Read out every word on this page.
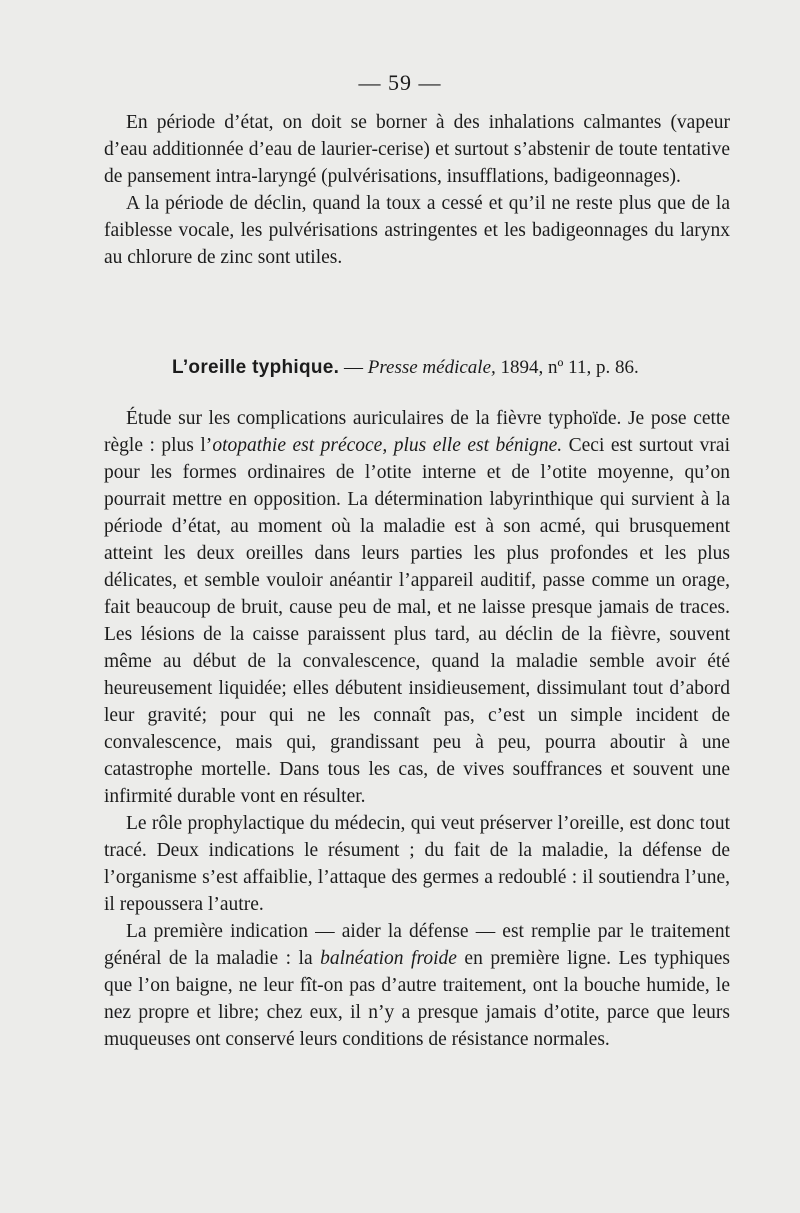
— 59 —

En période d’état, on doit se borner à des inhalations calmantes (vapeur d’eau additionnée d’eau de laurier-cerise) et surtout s’abstenir de toute tentative de pansement intra-laryngé (pulvérisations, insufflations, badigeonnages).

A la période de déclin, quand la toux a cessé et qu’il ne reste plus que de la faiblesse vocale, les pulvérisations astringentes et les badigeonnages du larynx au chlorure de zinc sont utiles.

L’oreille typhique. — Presse médicale, 1894, nº 11, p. 86.

Étude sur les complications auriculaires de la fièvre typhoïde. Je pose cette règle : plus l’otopathie est précoce, plus elle est bénigne. Ceci est surtout vrai pour les formes ordinaires de l’otite interne et de l’otite moyenne, qu’on pourrait mettre en opposition. La détermination labyrinthique qui survient à la période d’état, au moment où la maladie est à son acmé, qui brusquement atteint les deux oreilles dans leurs parties les plus profondes et les plus délicates, et semble vouloir anéantir l’appareil auditif, passe comme un orage, fait beaucoup de bruit, cause peu de mal, et ne laisse presque jamais de traces. Les lésions de la caisse paraissent plus tard, au déclin de la fièvre, souvent même au début de la convalescence, quand la maladie semble avoir été heureusement liquidée; elles débutent insidieusement, dissimulant tout d’abord leur gravité; pour qui ne les connaît pas, c’est un simple incident de convalescence, mais qui, grandissant peu à peu, pourra aboutir à une catastrophe mortelle. Dans tous les cas, de vives souffrances et souvent une infirmité durable vont en résulter.

Le rôle prophylactique du médecin, qui veut préserver l’oreille, est donc tout tracé. Deux indications le résument ; du fait de la maladie, la défense de l’organisme s’est affaiblie, l’attaque des germes a redoublé : il soutiendra l’une, il repoussera l’autre.

La première indication — aider la défense — est remplie par le traitement général de la maladie : la balnéation froide en première ligne. Les typhiques que l’on baigne, ne leur fît-on pas d’autre traitement, ont la bouche humide, le nez propre et libre; chez eux, il n’y a presque jamais d’otite, parce que leurs muqueuses ont conservé leurs conditions de résistance normales.
